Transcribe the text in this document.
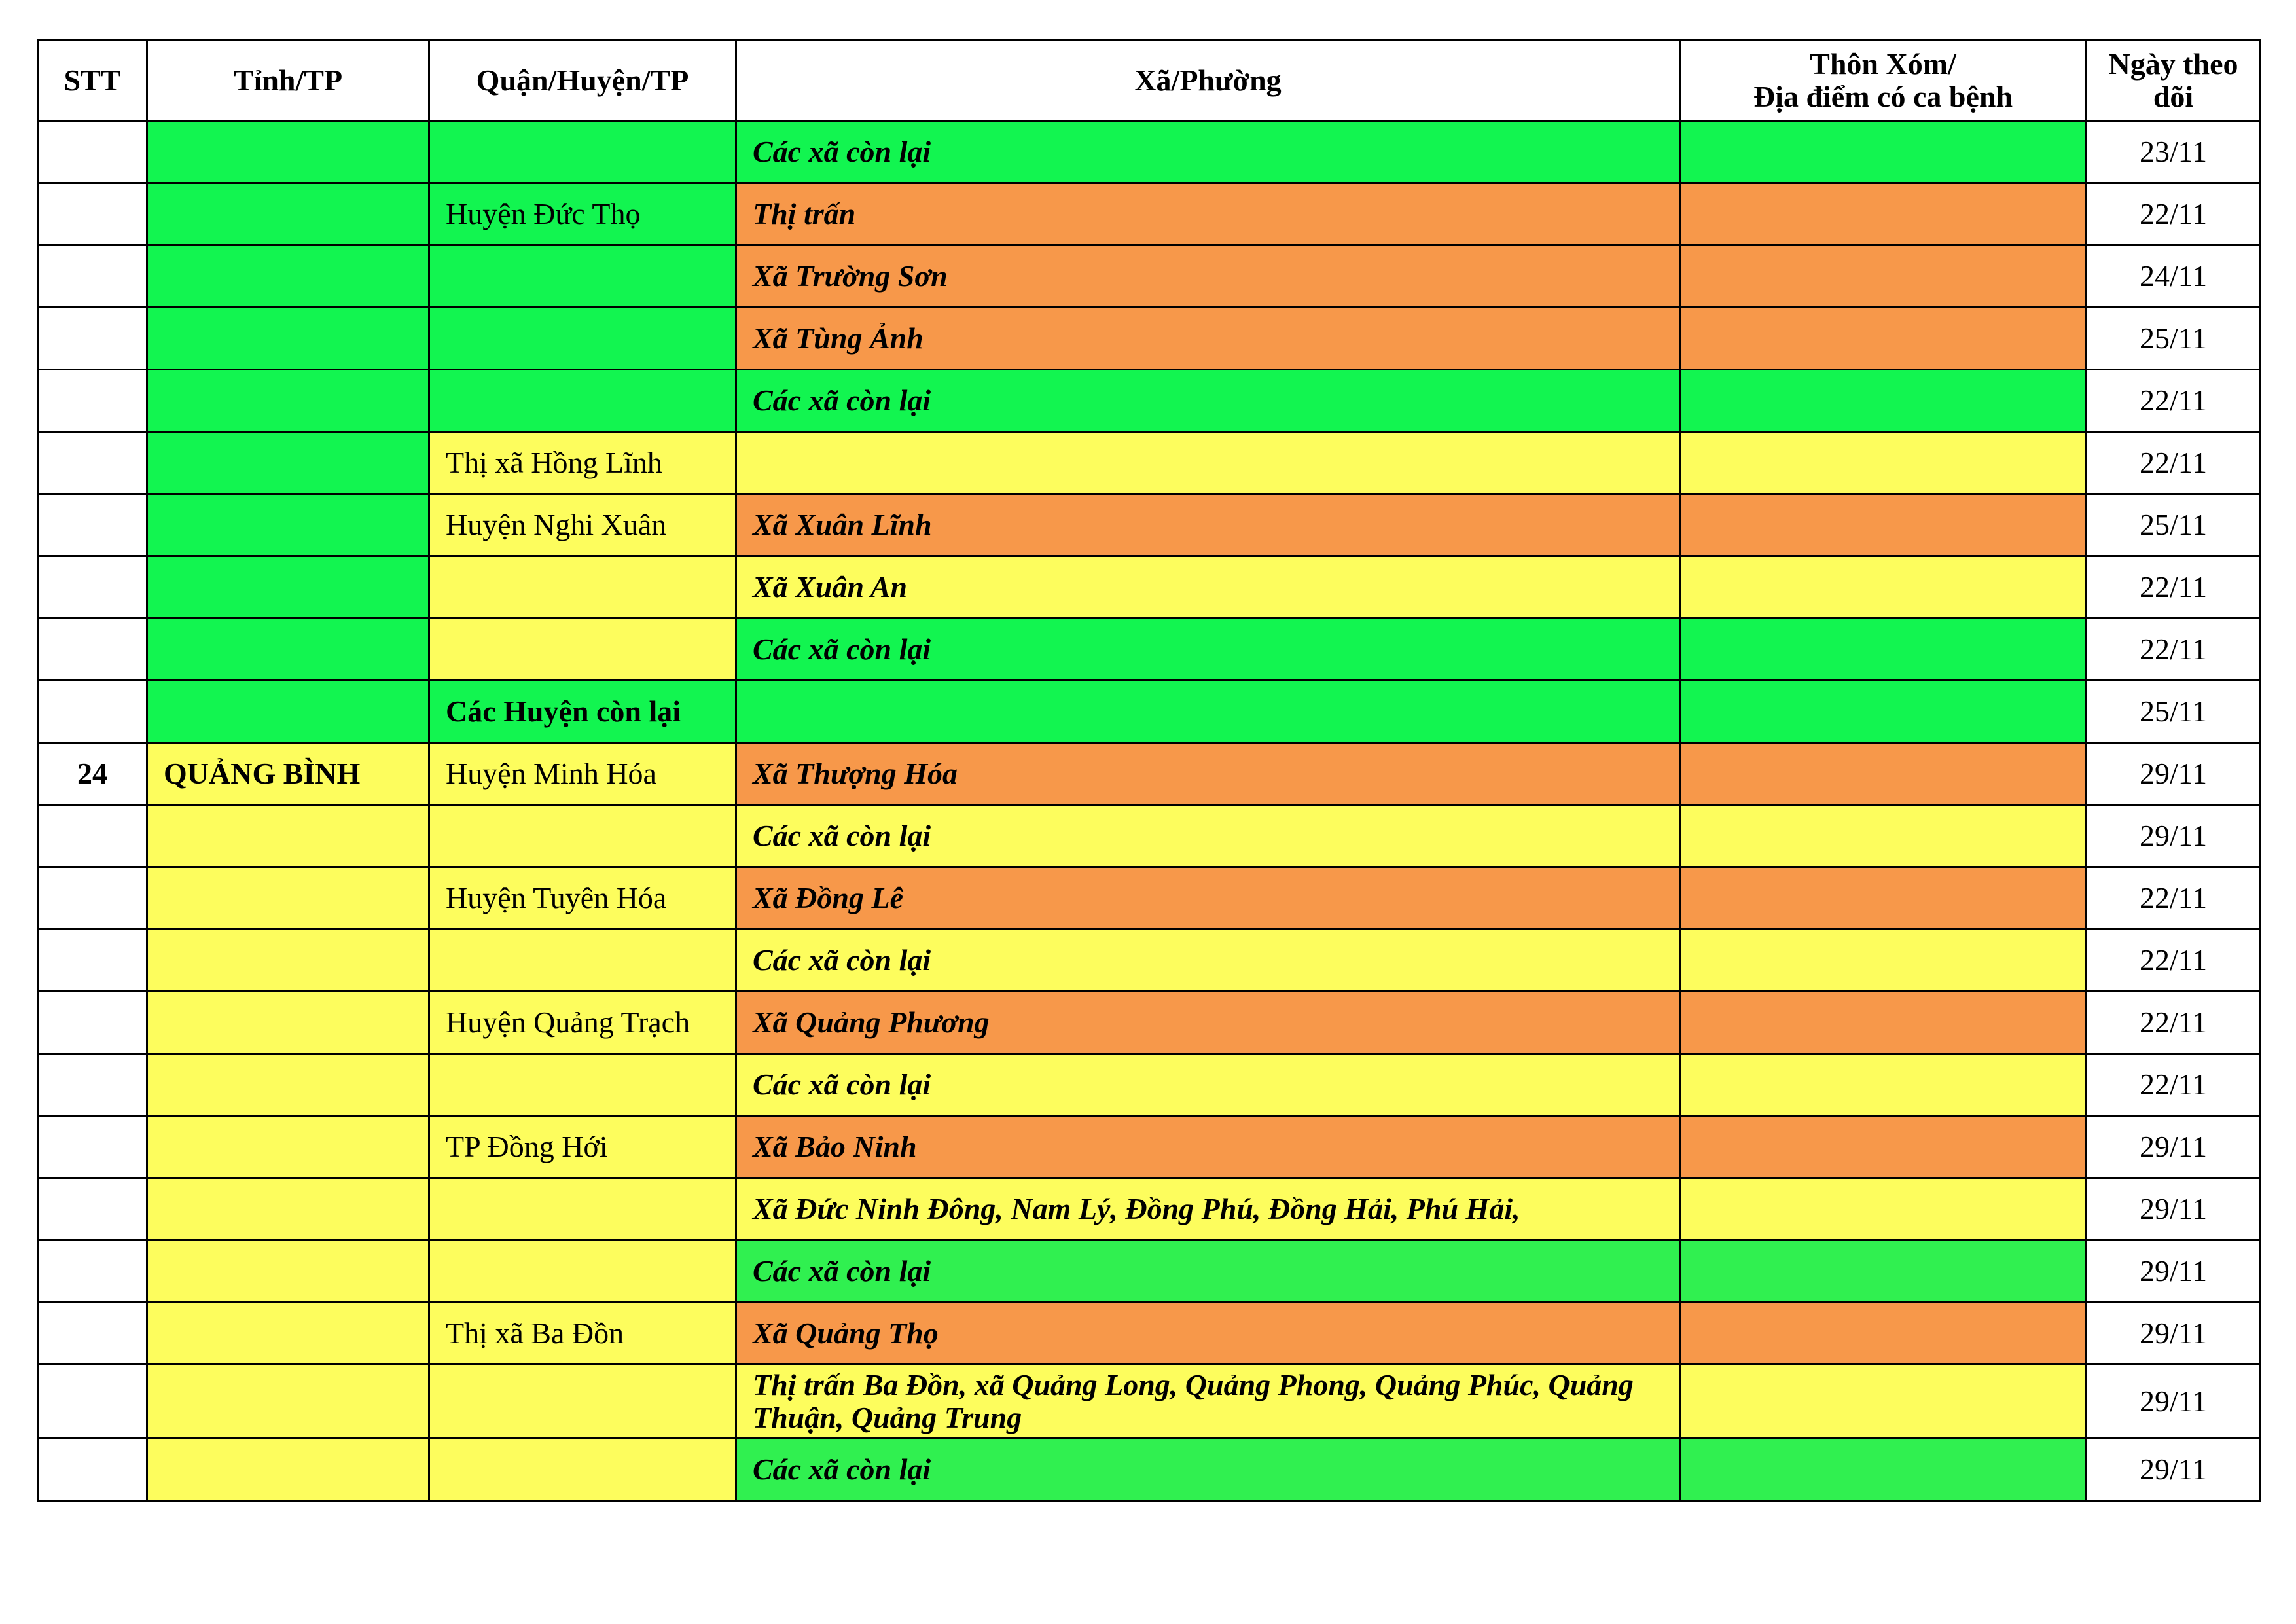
STT	Tỉnh/TP	Quận/Huyện/TP	Xã/Phường	Thôn Xóm/
Địa điểm có ca bệnh	Ngày theo dõi
			Các xã còn lại		23/11
		Huyện Đức Thọ	Thị trấn		22/11
			Xã Trường Sơn		24/11
			Xã Tùng Ảnh		25/11
			Các xã còn lại		22/11
		Thị xã Hồng Lĩnh			22/11
		Huyện Nghi Xuân	Xã Xuân Lĩnh		25/11
			Xã Xuân An		22/11
			Các xã còn lại		22/11
		Các Huyện còn lại			25/11
24	QUẢNG BÌNH	Huyện Minh Hóa	Xã Thượng Hóa		29/11
			Các xã còn lại		29/11
		Huyện Tuyên Hóa	Xã Đồng Lê		22/11
			Các xã còn lại		22/11
		Huyện Quảng Trạch	Xã Quảng Phương		22/11
			Các xã còn lại		22/11
		TP Đồng Hới	Xã Bảo Ninh		29/11
			Xã Đức Ninh Đông, Nam Lý, Đồng Phú, Đồng Hải, Phú Hải,		29/11
			Các xã còn lại		29/11
		Thị xã Ba Đồn	Xã Quảng Thọ		29/11
			Thị trấn Ba Đồn, xã Quảng Long, Quảng Phong, Quảng Phúc, Quảng Thuận, Quảng Trung		29/11
			Các xã còn lại		29/11
